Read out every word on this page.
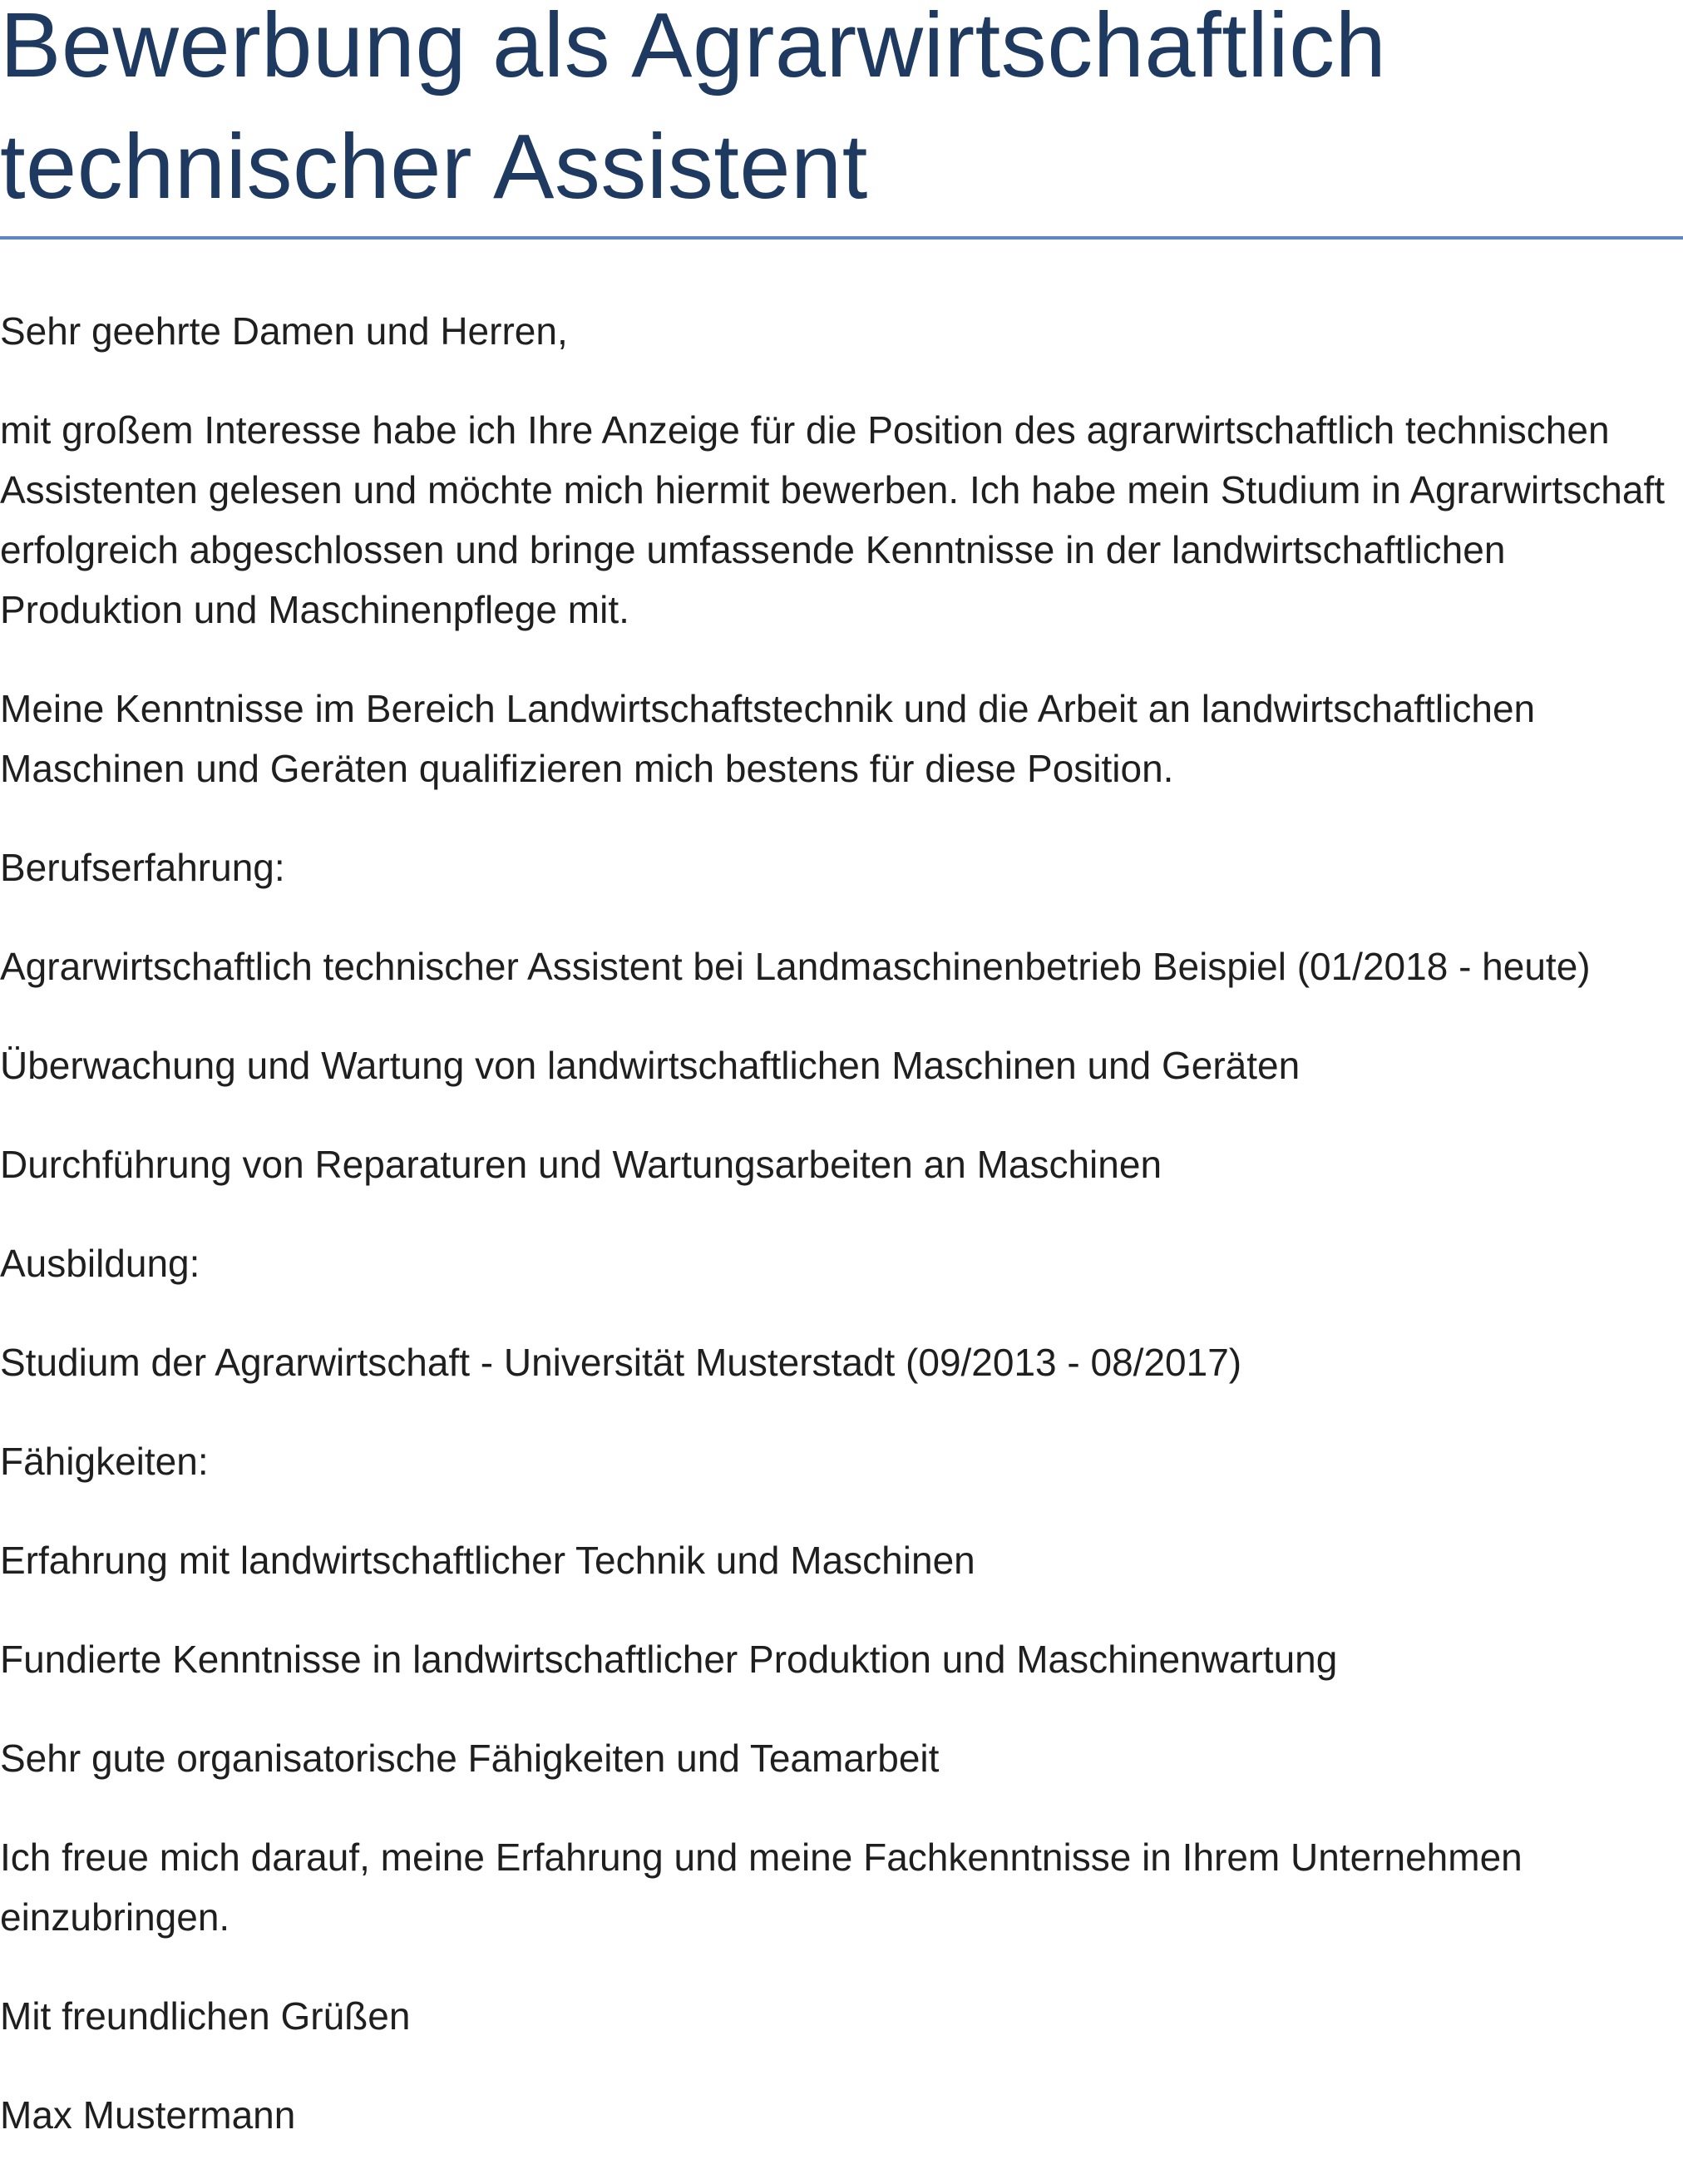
Bewerbung als Agrarwirtschaftlich
technischer Assistent

Sehr geehrte Damen und Herren,

mit großem Interesse habe ich Ihre Anzeige für die Position des agrarwirtschaftlich technischen Assistenten gelesen und möchte mich hiermit bewerben. Ich habe mein Studium in Agrarwirtschaft erfolgreich abgeschlossen und bringe umfassende Kenntnisse in der landwirtschaftlichen Produktion und Maschinenpflege mit.

Meine Kenntnisse im Bereich Landwirtschaftstechnik und die Arbeit an landwirtschaftlichen Maschinen und Geräten qualifizieren mich bestens für diese Position.

Berufserfahrung:

Agrarwirtschaftlich technischer Assistent bei Landmaschinenbetrieb Beispiel (01/2018 - heute)

Überwachung und Wartung von landwirtschaftlichen Maschinen und Geräten

Durchführung von Reparaturen und Wartungsarbeiten an Maschinen

Ausbildung:

Studium der Agrarwirtschaft - Universität Musterstadt (09/2013 - 08/2017)

Fähigkeiten:

Erfahrung mit landwirtschaftlicher Technik und Maschinen

Fundierte Kenntnisse in landwirtschaftlicher Produktion und Maschinenwartung

Sehr gute organisatorische Fähigkeiten und Teamarbeit

Ich freue mich darauf, meine Erfahrung und meine Fachkenntnisse in Ihrem Unternehmen einzubringen.

Mit freundlichen Grüßen

Max Mustermann
